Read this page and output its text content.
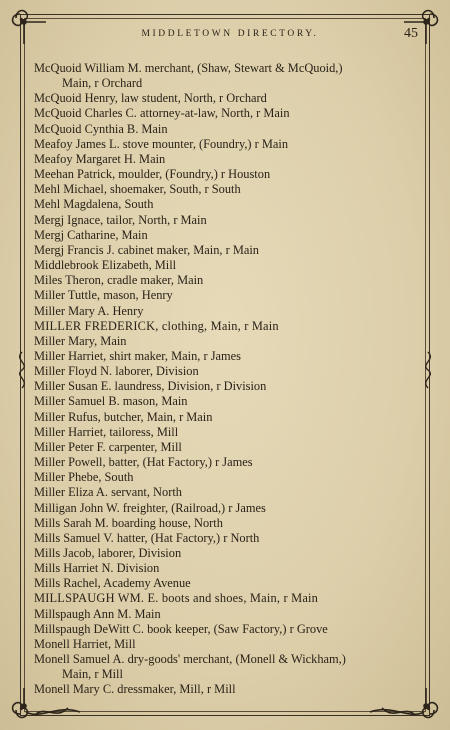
MIDDLETOWN DIRECTORY.	45
McQuoid William M. merchant, (Shaw, Stewart & McQuoid,)
Main, r Orchard
McQuoid Henry, law student, North, r Orchard
McQuoid Charles C. attorney-at-law, North, r Main
McQuoid Cynthia B. Main
Meafoy James L. stove mounter, (Foundry,) r Main
Meafoy Margaret H. Main
Meehan Patrick, moulder, (Foundry,) r Houston
Mehl Michael, shoemaker, South, r South
Mehl Magdalena, South
Mergj Ignace, tailor, North, r Main
Mergj Catharine, Main
Mergj Francis J. cabinet maker, Main, r Main
Middlebrook Elizabeth, Mill
Miles Theron, cradle maker, Main
Miller Tuttle, mason, Henry
Miller Mary A. Henry
MILLER FREDERICK, clothing, Main, r Main
Miller Mary, Main
Miller Harriet, shirt maker, Main, r James
Miller Floyd N. laborer, Division
Miller Susan E. laundress, Division, r Division
Miller Samuel B. mason, Main
Miller Rufus, butcher, Main, r Main
Miller Harriet, tailoress, Mill
Miller Peter F. carpenter, Mill
Miller Powell, batter, (Hat Factory,) r James
Miller Phebe, South
Miller Eliza A. servant, North
Milligan John W. freighter, (Railroad,) r James
Mills Sarah M. boarding house, North
Mills Samuel V. hatter, (Hat Factory,) r North
Mills Jacob, laborer, Division
Mills Harriet N. Division
Mills Rachel, Academy Avenue
MILLSPAUGH WM. E. boots and shoes, Main, r Main
Millspaugh Ann M. Main
Millspaugh DeWitt C. book keeper, (Saw Factory,) r Grove
Monell Harriet, Mill
Monell Samuel A. dry-goods' merchant, (Monell & Wickham,)
Main, r Mill
Monell Mary C. dressmaker, Mill, r Mill
